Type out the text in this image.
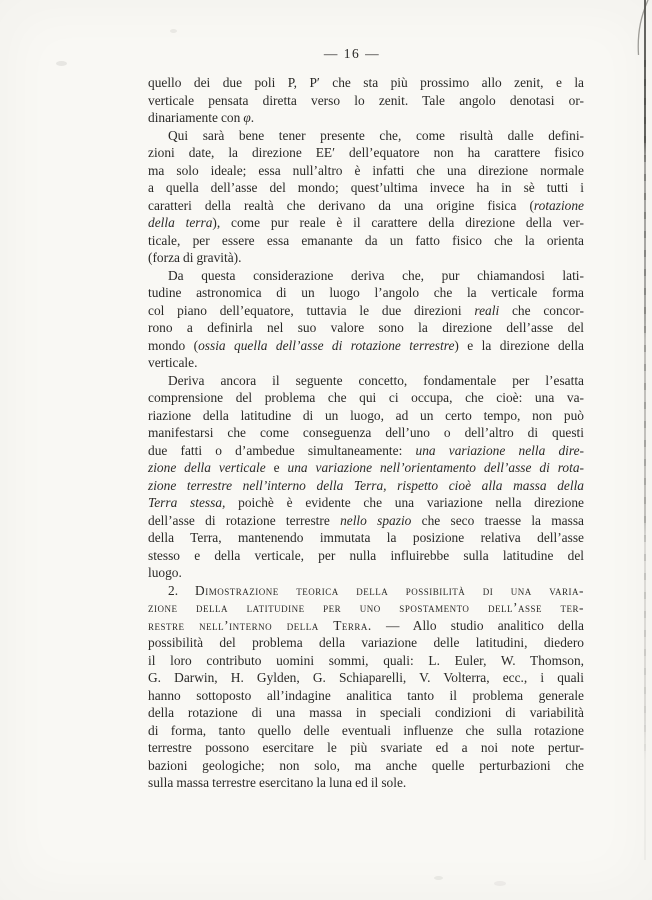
— 16 —
quello dei due poli P, P′ che sta più prossimo allo zenit, e la
verticale pensata diretta verso lo zenit. Tale angolo denotasi or-
dinariamente con φ.
Qui sarà bene tener presente che, come risultà dalle defini-
zioni date, la direzione EE′ dell’equatore non ha carattere fisico
ma solo ideale; essa null’altro è infatti che una direzione normale
a quella dell’asse del mondo; quest’ultima invece ha in sè tutti i
caratteri della realtà che derivano da una origine fisica (rotazione
della terra), come pur reale è il carattere della direzione della ver-
ticale, per essere essa emanante da un fatto fisico che la orienta
(forza di gravità).
Da questa considerazione deriva che, pur chiamandosi lati-
tudine astronomica di un luogo l’angolo che la verticale forma
col piano dell’equatore, tuttavia le due direzioni reali che concor-
rono a definirla nel suo valore sono la direzione dell’asse del
mondo (ossia quella dell’asse di rotazione terrestre) e la direzione della
verticale.
Deriva ancora il seguente concetto, fondamentale per l’esatta
comprensione del problema che qui ci occupa, che cioè: una va-
riazione della latitudine di un luogo, ad un certo tempo, non può
manifestarsi che come conseguenza dell’uno o dell’altro di questi
due fatti o d’ambedue simultaneamente: una variazione nella dire-
zione della verticale e una variazione nell’orientamento dell’asse di rota-
zione terrestre nell’interno della Terra, rispetto cioè alla massa della
Terra stessa, poichè è evidente che una variazione nella direzione
dell’asse di rotazione terrestre nello spazio che seco traesse la massa
della Terra, mantenendo immutata la posizione relativa dell’asse
stesso e della verticale, per nulla influirebbe sulla latitudine del
luogo.
2. Dimostrazione teorica della possibilità di una varia-
zione della latitudine per uno spostamento dell’asse ter-
restre nell’interno della Terra. — Allo studio analitico della
possibilità del problema della variazione delle latitudini, diedero
il loro contributo uomini sommi, quali: L. Euler, W. Thomson,
G. Darwin, H. Gylden, G. Schiaparelli, V. Volterra, ecc., i quali
hanno sottoposto all’indagine analitica tanto il problema generale
della rotazione di una massa in speciali condizioni di variabilità
di forma, tanto quello delle eventuali influenze che sulla rotazione
terrestre possono esercitare le più svariate ed a noi note pertur-
bazioni geologiche; non solo, ma anche quelle perturbazioni che
sulla massa terrestre esercitano la luna ed il sole.
